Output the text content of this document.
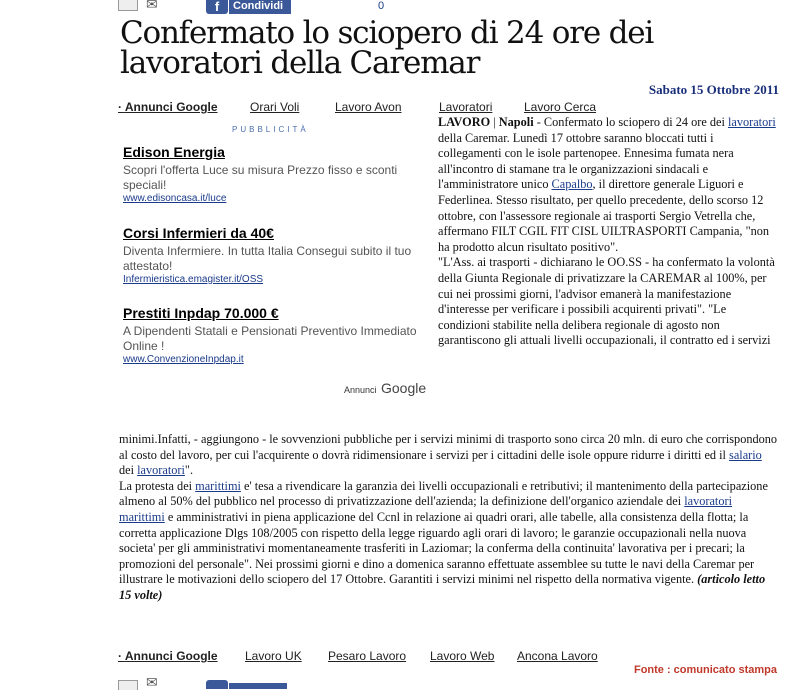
✉	f	Condividi	0
Confermato lo sciopero di 24 ore dei lavoratori della Caremar
Sabato 15 Ottobre 2011
· Annunci Google	Orari Voli	Lavoro Avon	Lavoratori	Lavoro Cerca
PUBBLICITÀ
Edison Energia
Scopri l'offerta Luce su misura Prezzo fisso e sconti speciali!
www.edisoncasa.it/luce
Corsi Infermieri da 40€
Diventa Infermiere. In tutta Italia Consegui subito il tuo attestato!
Infermieristica.emagister.it/OSS
Prestiti Inpdap 70.000 €
A Dipendenti Statali e Pensionati Preventivo Immediato Online !
www.ConvenzioneInpdap.it
Annunci Google

LAVORO | Napoli - Confermato lo sciopero di 24 ore dei lavoratori della Caremar. Lunedì 17 ottobre saranno bloccati tutti i collegamenti con le isole partenopee. Ennesima fumata nera all'incontro di stamane tra le organizzazioni sindacali e l'amministratore unico Capalbo, il direttore generale Liguori e Federlinea. Stesso risultato, per quello precedente, dello scorso 12 ottobre, con l'assessore regionale ai trasporti Sergio Vetrella che, affermano FILT CGIL FIT CISL UILTRASPORTI Campania, "non ha prodotto alcun risultato positivo".

"L'Ass. ai trasporti - dichiarano le OO.SS - ha confermato la volontà della Giunta Regionale di privatizzare la CAREMAR al 100%, per cui nei prossimi giorni, l'advisor emanerà la manifestazione d'interesse per verificare i possibili acquirenti privati". "Le condizioni stabilite nella delibera regionale di agosto non garantiscono gli attuali livelli occupazionali, il contratto ed i servizi

minimi.Infatti, - aggiungono - le sovvenzioni pubbliche per i servizi minimi di trasporto sono circa 20 mln. di euro che corrispondono al costo del lavoro, per cui l'acquirente o dovrà ridimensionare i servizi per i cittadini delle isole oppure ridurre i diritti ed il salario dei lavoratori".

La protesta dei marittimi e' tesa a rivendicare la garanzia dei livelli occupazionali e retributivi; il mantenimento della partecipazione almeno al 50% del pubblico nel processo di privatizzazione dell'azienda; la definizione dell'organico aziendale dei lavoratori marittimi e amministrativi in piena applicazione del Ccnl in relazione ai quadri orari, alle tabelle, alla consistenza della flotta; la corretta applicazione Dlgs 108/2005 con rispetto della legge riguardo agli orari di lavoro; le garanzie occupazionali nella nuova societa' per gli amministrativi momentaneamente trasferiti in Laziomar; la conferma della continuita' lavorativa per i precari; la promozioni del personale". Nei prossimi giorni e dino a domenica saranno effettuate assemblee su tutte le navi della Caremar per illustrare le motivazioni dello sciopero del 17 Ottobre. Garantiti i servizi minimi nel rispetto della normativa vigente. (articolo letto 15 volte)

· Annunci Google Lavoro UK Pesaro Lavoro Lavoro Web Ancona Lavoro
Fonte : comunicato stampa
✉
